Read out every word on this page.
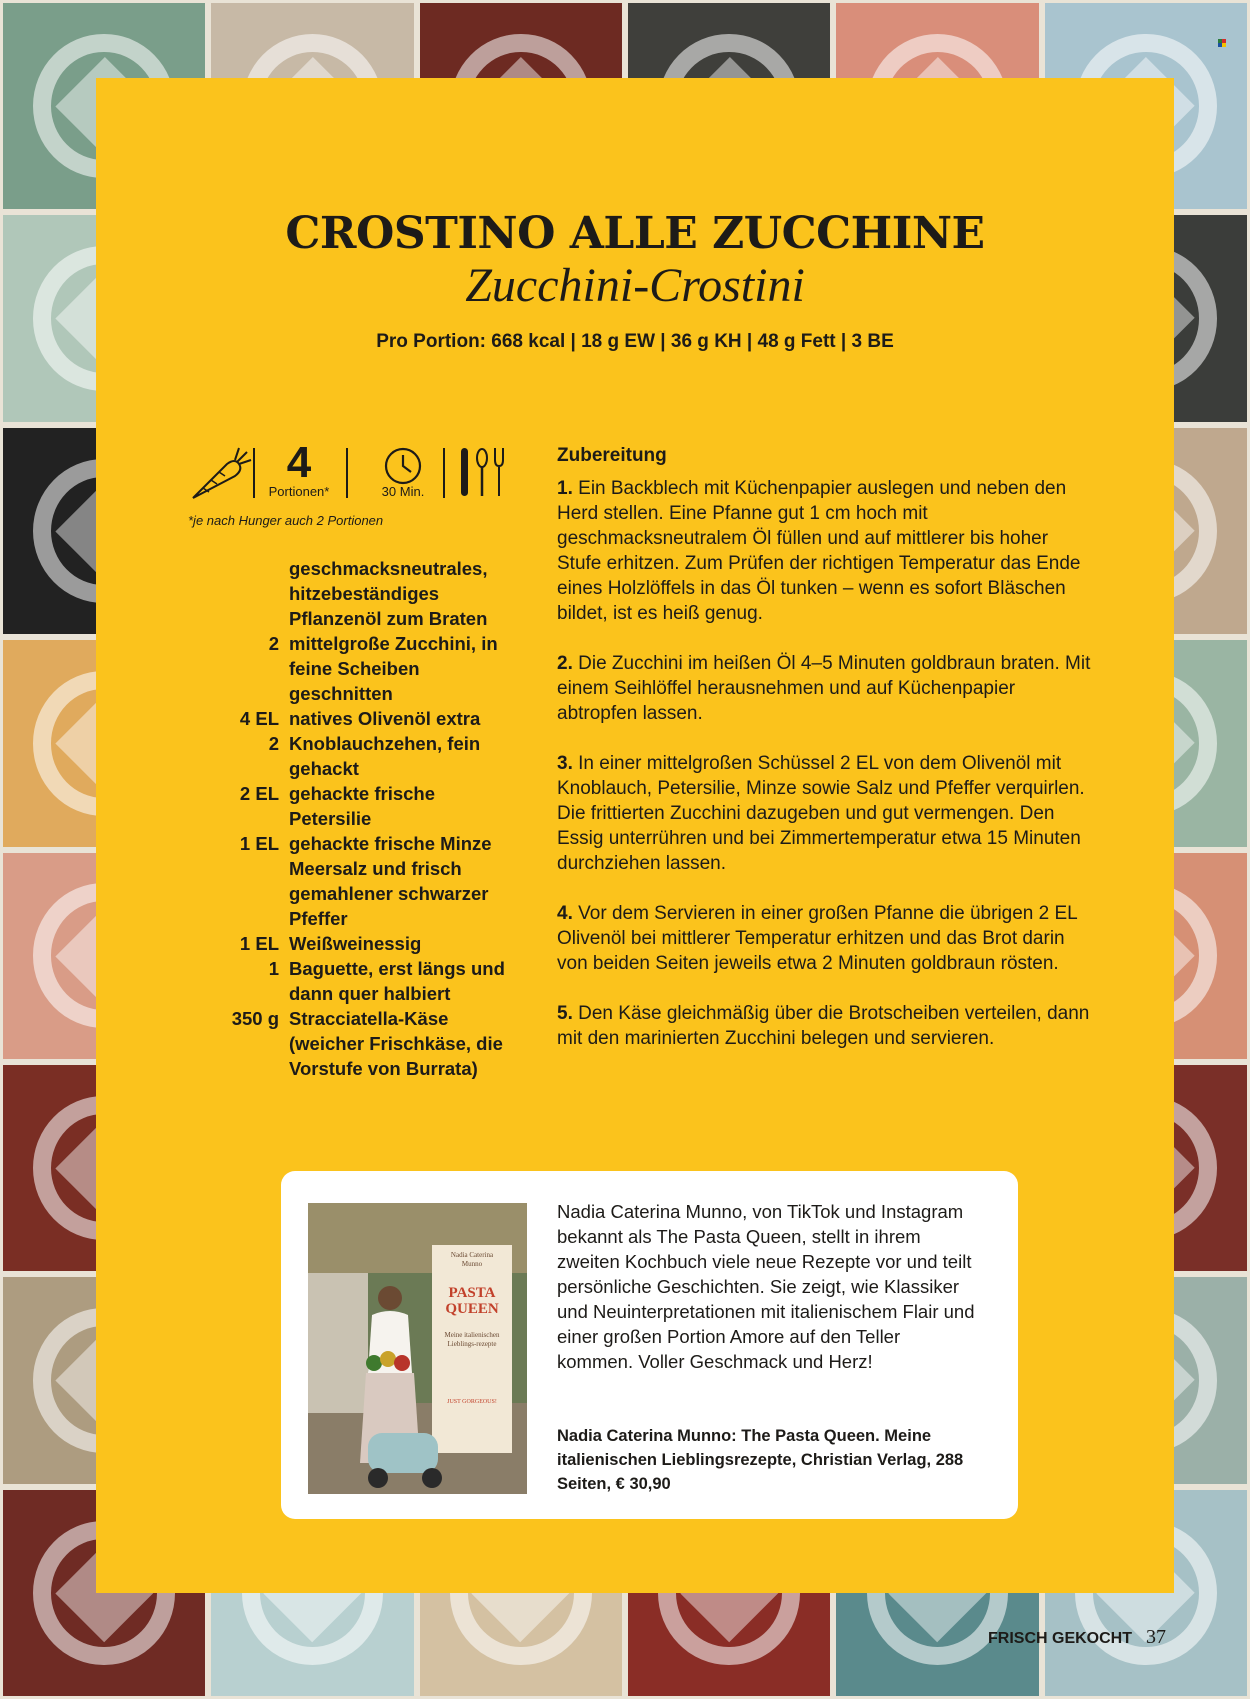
CROSTINO ALLE ZUCCHINE
Zucchini-Crostini
Pro Portion: 668 kcal | 18 g EW | 36 g KH | 48 g Fett | 3 BE
4
Portionen*	30 Min.
*je nach Hunger auch 2 Portionen
geschmacksneutrales, hitzebeständiges Pflanzenöl zum Braten
2 mittelgroße Zucchini, in feine Scheiben geschnitten
4 EL natives Olivenöl extra
2 Knoblauchzehen, fein gehackt
2 EL gehackte frische Petersilie
1 EL gehackte frische Minze
Meersalz und frisch gemahlener schwarzer Pfeffer
1 EL Weißweinessig
1 Baguette, erst längs und dann quer halbiert
350 g Stracciatella-Käse (weicher Frischkäse, die Vorstufe von Burrata)
Zubereitung

1. Ein Backblech mit Küchenpapier auslegen und neben den Herd stellen. Eine Pfanne gut 1 cm hoch mit geschmacksneutralem Öl füllen und auf mittlerer bis hoher Stufe erhitzen. Zum Prüfen der richtigen Temperatur das Ende eines Holzlöffels in das Öl tunken – wenn es sofort Bläschen bildet, ist es heiß genug.

2. Die Zucchini im heißen Öl 4–5 Minuten goldbraun braten. Mit einem Seihlöffel herausnehmen und auf Küchenpapier abtropfen lassen.

3. In einer mittelgroßen Schüssel 2 EL von dem Olivenöl mit Knoblauch, Petersilie, Minze sowie Salz und Pfeffer verquirlen. Die frittierten Zucchini dazugeben und gut vermengen. Den Essig unterrühren und bei Zimmertemperatur etwa 15 Minuten durchziehen lassen.

4. Vor dem Servieren in einer großen Pfanne die übrigen 2 EL Olivenöl bei mittlerer Temperatur erhitzen und das Brot darin von beiden Seiten jeweils etwa 2 Minuten goldbraun rösten.

5. Den Käse gleichmäßig über die Brotscheiben verteilen, dann mit den marinierten Zucchini belegen und servieren.

Nadia Caterina Munno
PASTA QUEEN
Meine italienischen Lieblings-rezepte
JUST GORGEOUS!
Nadia Caterina Munno, von TikTok und Instagram bekannt als The Pasta Queen, stellt in ihrem zweiten Kochbuch viele neue Rezepte vor und teilt persönliche Geschichten. Sie zeigt, wie Klassiker und Neuinterpretationen mit italienischem Flair und einer großen Portion Amore auf den Teller kommen. Voller Geschmack und Herz!
Nadia Caterina Munno: The Pasta Queen. Meine italienischen Lieblingsrezepte, Christian Verlag, 288 Seiten, € 30,90
FRISCH GEKOCHT 37
